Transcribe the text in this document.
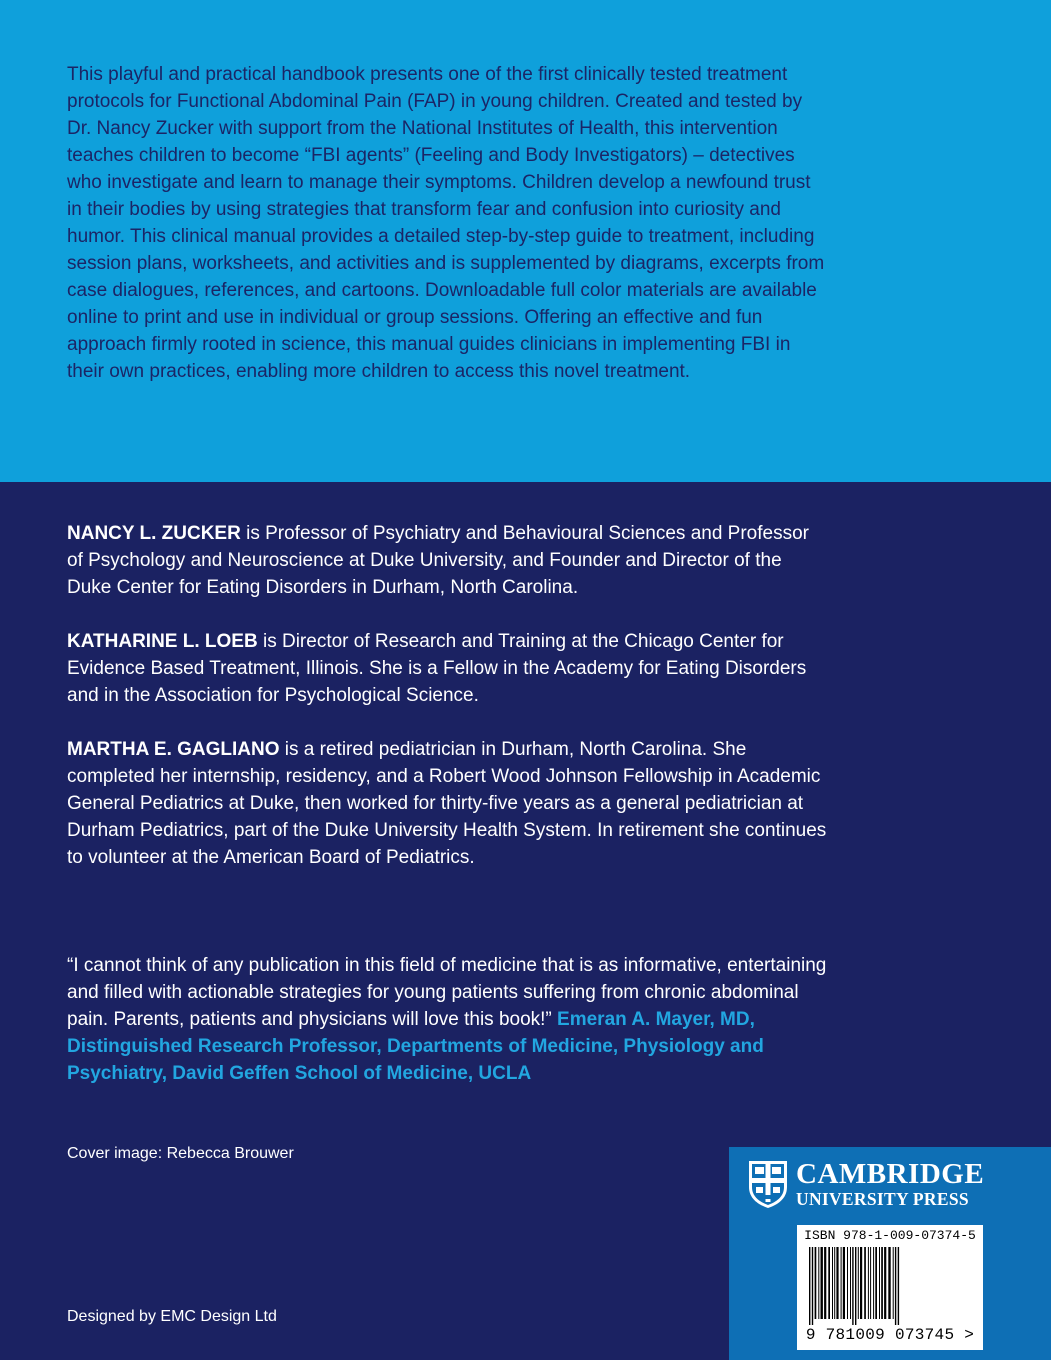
This playful and practical handbook presents one of the first clinically tested treatment protocols for Functional Abdominal Pain (FAP) in young children. Created and tested by Dr. Nancy Zucker with support from the National Institutes of Health, this intervention teaches children to become “FBI agents” (Feeling and Body Investigators) – detectives who investigate and learn to manage their symptoms. Children develop a newfound trust in their bodies by using strategies that transform fear and confusion into curiosity and humor. This clinical manual provides a detailed step-by-step guide to treatment, including session plans, worksheets, and activities and is supplemented by diagrams, excerpts from case dialogues, references, and cartoons. Downloadable full color materials are available online to print and use in individual or group sessions. Offering an effective and fun approach firmly rooted in science, this manual guides clinicians in implementing FBI in their own practices, enabling more children to access this novel treatment.

NANCY L. ZUCKER is Professor of Psychiatry and Behavioural Sciences and Professor of Psychology and Neuroscience at Duke University, and Founder and Director of the Duke Center for Eating Disorders in Durham, North Carolina.

KATHARINE L. LOEB is Director of Research and Training at the Chicago Center for Evidence Based Treatment, Illinois. She is a Fellow in the Academy for Eating Disorders and in the Association for Psychological Science.

MARTHA E. GAGLIANO is a retired pediatrician in Durham, North Carolina. She completed her internship, residency, and a Robert Wood Johnson Fellowship in Academic General Pediatrics at Duke, then worked for thirty-five years as a general pediatrician at Durham Pediatrics, part of the Duke University Health System. In retirement she continues to volunteer at the American Board of Pediatrics.

“I cannot think of any publication in this field of medicine that is as informative, entertaining and filled with actionable strategies for young patients suffering from chronic abdominal pain. Parents, patients and physicians will love this book!” Emeran A. Mayer, MD, Distinguished Research Professor, Departments of Medicine, Physiology and Psychiatry, David Geffen School of Medicine, UCLA

Cover image: Rebecca Brouwer

Designed by EMC Design Ltd

CAMBRIDGE
UNIVERSITY PRESS

ISBN 978-1-009-07374-5

9 781009 073745 >
